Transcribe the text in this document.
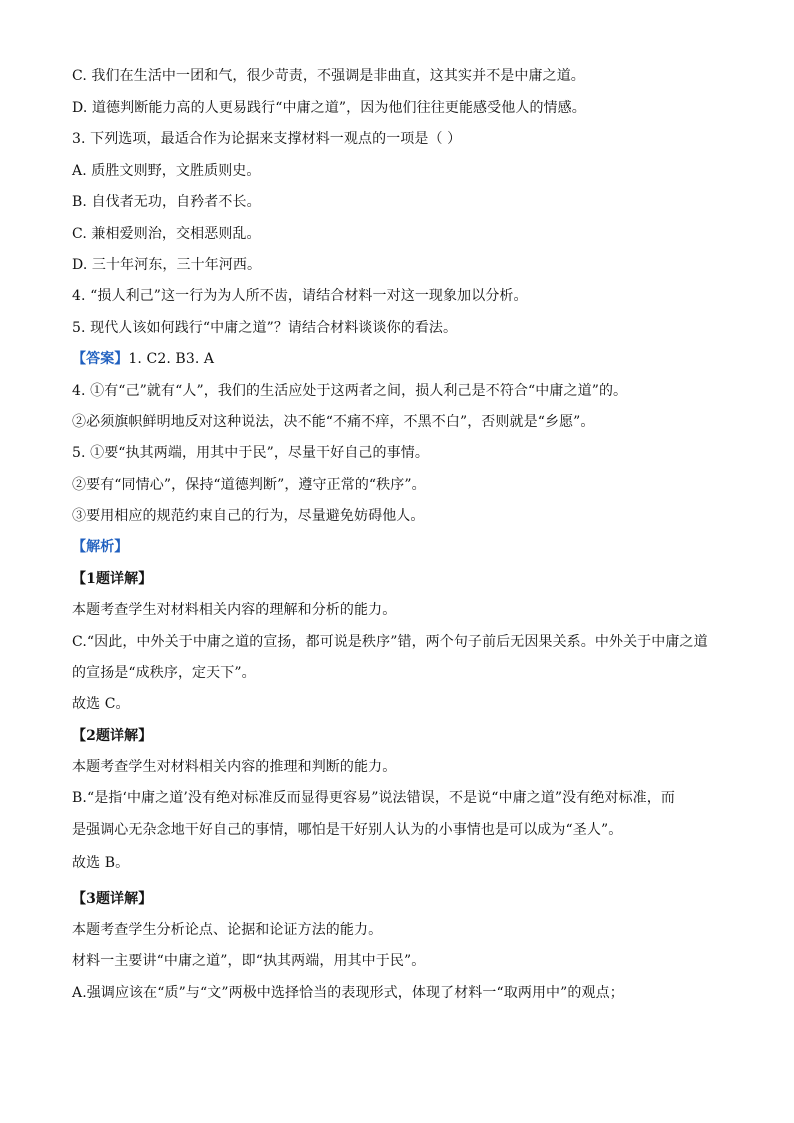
C. 我们在生活中一团和气，很少苛责，不强调是非曲直，这其实并不是中庸之道。
D. 道德判断能力高的人更易践行“中庸之道”，因为他们往往更能感受他人的情感。
3. 下列选项，最适合作为论据来支撑材料一观点的一项是（ ）
A. 质胜文则野，文胜质则史。
B. 自伐者无功，自矜者不长。
C. 兼相爱则治，交相恶则乱。
D. 三十年河东，三十年河西。
4. “损人利己”这一行为为人所不齿，请结合材料一对这一现象加以分析。
5. 现代人该如何践行“中庸之道”？请结合材料谈谈你的看法。
【答案】1. C2. B3. A
4. ①有“己”就有“人”，我们的生活应处于这两者之间，损人利己是不符合“中庸之道”的。
②必须旗帜鲜明地反对这种说法，决不能“不痛不痒，不黑不白”，否则就是“乡愿”。
5. ①要“执其两端，用其中于民”，尽量干好自己的事情。
②要有“同情心”，保持“道德判断”，遵守正常的“秩序”。
③要用相应的规范约束自己的行为，尽量避免妨碍他人。
【解析】
【1题详解】
本题考查学生对材料相关内容的理解和分析的能力。
C.“因此，中外关于中庸之道的宣扬，都可说是秩序”错，两个句子前后无因果关系。中外关于中庸之道
的宣扬是“成秩序，定天下”。
故选 C。
【2题详解】
本题考查学生对材料相关内容的推理和判断的能力。
B.“是指‘中庸之道’没有绝对标准反而显得更容易”说法错误，不是说“中庸之道”没有绝对标准，而
是强调心无杂念地干好自己的事情，哪怕是干好别人认为的小事情也是可以成为“圣人”。
故选 B。
【3题详解】
本题考查学生分析论点、论据和论证方法的能力。
材料一主要讲“中庸之道”，即“执其两端，用其中于民”。
A.强调应该在“质”与“文”两极中选择恰当的表现形式，体现了材料一“取两用中”的观点；
